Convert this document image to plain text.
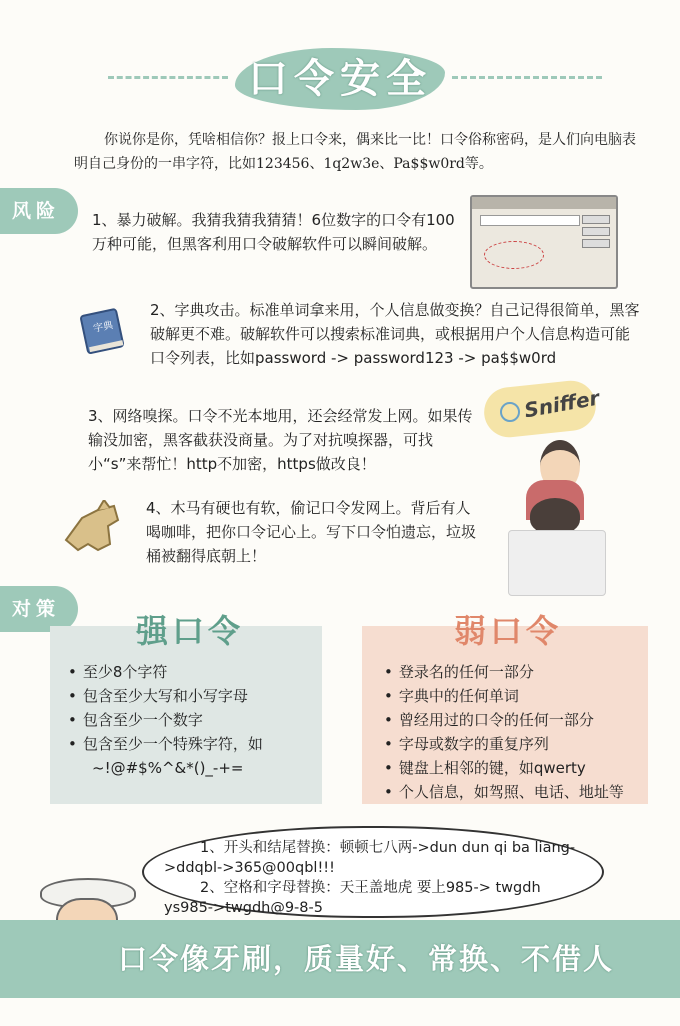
口令安全
你说你是你，凭啥相信你？报上口令来，偶来比一比！口令俗称密码，是人们向电脑表明自己身份的一串字符，比如123456、1q2w3e、Pa$$w0rd等。
风险	1、暴力破解。我猜我猜我猜猜！6位数字的口令有100万种可能，但黑客利用口令破解软件可以瞬间破解。
字典
2、字典攻击。标准单词拿来用，个人信息做变换？自己记得很简单，黑客破解更不难。破解软件可以搜索标准词典，或根据用户个人信息构造可能口令列表，比如password -> password123 -> pa$$w0rd
3、网络嗅探。口令不光本地用，还会经常发上网。如果传输没加密，黑客截获没商量。为了对抗嗅探器，可找小“s”来帮忙！http不加密，https做改良！
Sniffer
4、木马有硬也有软，偷记口令发网上。背后有人喝咖啡，把你口令记心上。写下口令怕遗忘，垃圾桶被翻得底朝上！
对策
强口令
• 至少8个字符
• 包含至少大写和小写字母
• 包含至少一个数字
• 包含至少一个特殊字符，如
~!@#$%^&*()_-+=
弱口令
• 登录名的任何一部分
• 字典中的任何单词
• 曾经用过的口令的任何一部分
• 字母或数字的重复序列
• 键盘上相邻的键，如qwerty
• 个人信息，如驾照、电话、地址等
1、开头和结尾替换：顿顿七八两->dun dun qi ba liang->ddqbl->365@00qbl!!!
2、空格和字母替换：天王盖地虎 要上985-> twgdh ys985->twgdh@9-8-5
口令像牙刷，质量好、常换、不借人
